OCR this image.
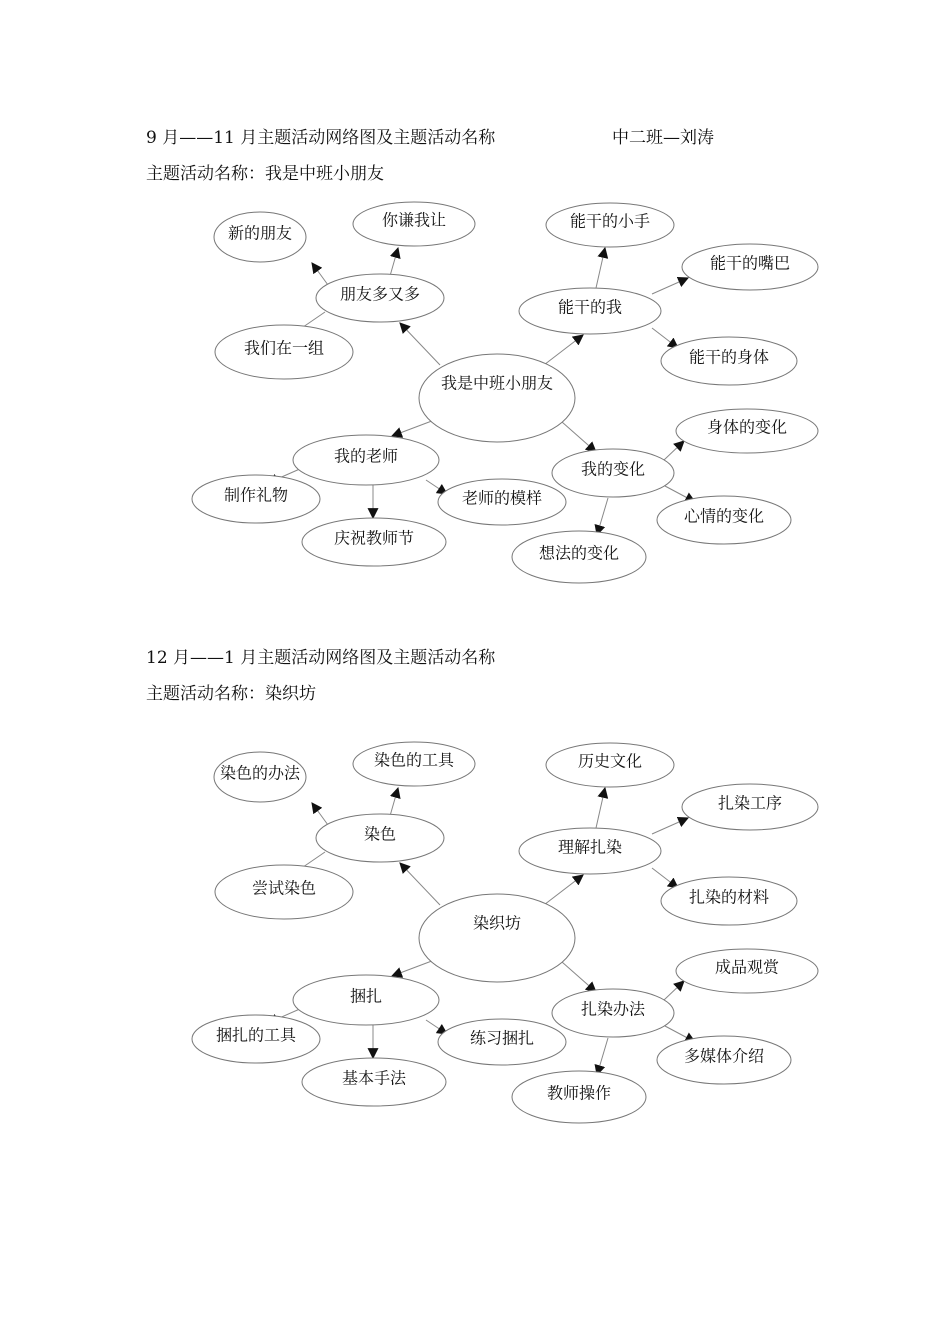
9 月——11 月主题活动网络图及主题活动名称	中二班—刘涛
主题活动名称：我是中班小朋友
我是中班小朋友
朋友多又多
新的朋友
你谦我让
我们在一组
能干的我
能干的小手
能干的嘴巴
能干的身体
我的老师
制作礼物
庆祝教师节
老师的模样
我的变化
身体的变化
心情的变化
想法的变化
12 月——1 月主题活动网络图及主题活动名称
主题活动名称：染织坊
染织坊
染色
染色的办法
染色的工具
尝试染色
理解扎染
历史文化
扎染工序
扎染的材料
捆扎
捆扎的工具
基本手法
练习捆扎
扎染办法
成品观赏
多媒体介绍
教师操作
